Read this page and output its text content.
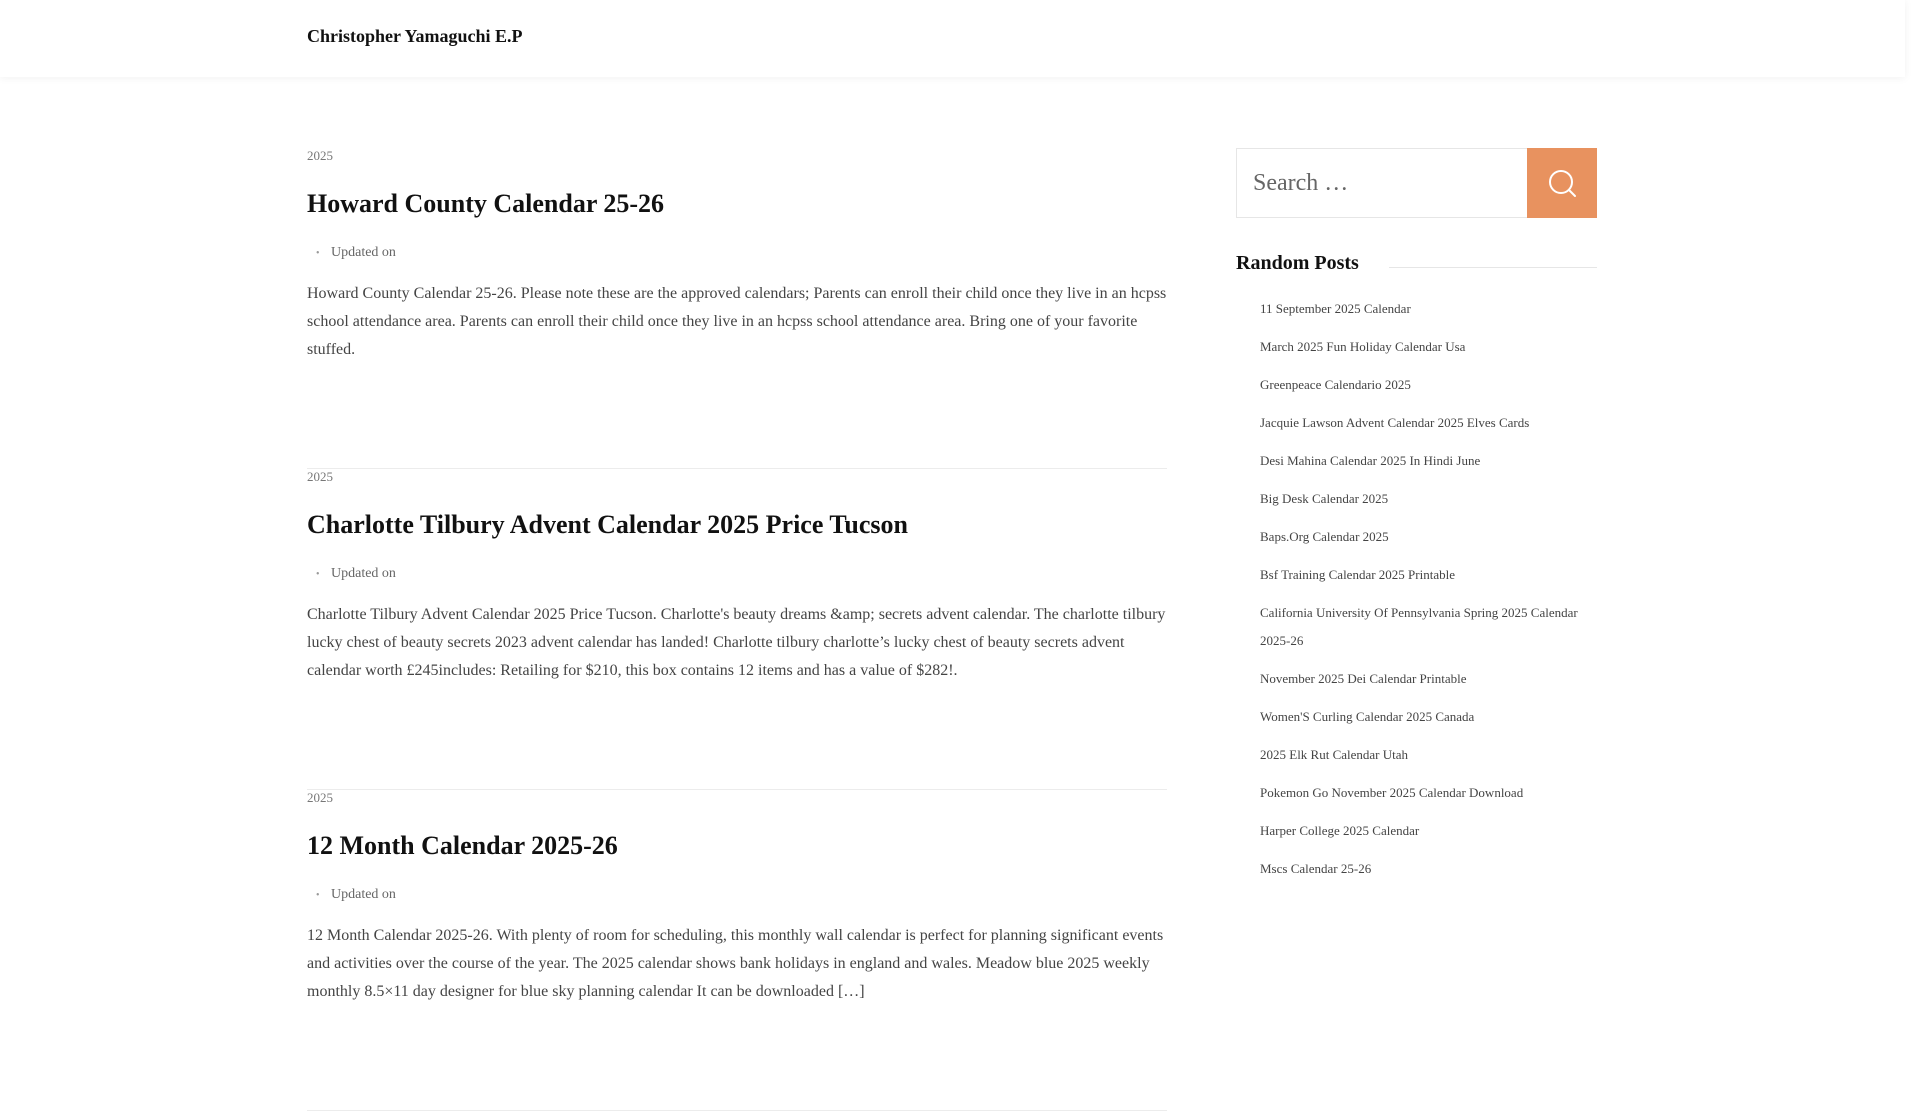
Christopher Yamaguchi E.P
2025
Howard County Calendar 25-26
• Updated on

Howard County Calendar 25-26. Please note these are the approved calendars; Parents can enroll their child once they live in an hcpss school attendance area. Parents can enroll their child once they live in an hcpss school attendance area. Bring one of your favorite stuffed.

2025
Charlotte Tilbury Advent Calendar 2025 Price Tucson
• Updated on

Charlotte Tilbury Advent Calendar 2025 Price Tucson. Charlotte's beauty dreams &amp; secrets advent calendar. The charlotte tilbury lucky chest of beauty secrets 2023 advent calendar has landed! Charlotte tilbury charlotte’s lucky chest of beauty secrets advent calendar worth £245includes: Retailing for $210, this box contains 12 items and has a value of $282!.

2025
12 Month Calendar 2025-26
• Updated on

12 Month Calendar 2025-26. With plenty of room for scheduling, this monthly wall calendar is perfect for planning significant events and activities over the course of the year. The 2025 calendar shows bank holidays in england and wales. Meadow blue 2025 weekly monthly 8.5×11 day designer for blue sky planning calendar It can be downloaded […]

Search …
Random Posts
11 September 2025 Calendar
March 2025 Fun Holiday Calendar Usa
Greenpeace Calendario 2025
Jacquie Lawson Advent Calendar 2025 Elves Cards
Desi Mahina Calendar 2025 In Hindi June
Big Desk Calendar 2025
Baps.Org Calendar 2025
Bsf Training Calendar 2025 Printable
California University Of Pennsylvania Spring 2025 Calendar 2025-26
November 2025 Dei Calendar Printable
Women'S Curling Calendar 2025 Canada
2025 Elk Rut Calendar Utah
Pokemon Go November 2025 Calendar Download
Harper College 2025 Calendar
Mscs Calendar 25-26
